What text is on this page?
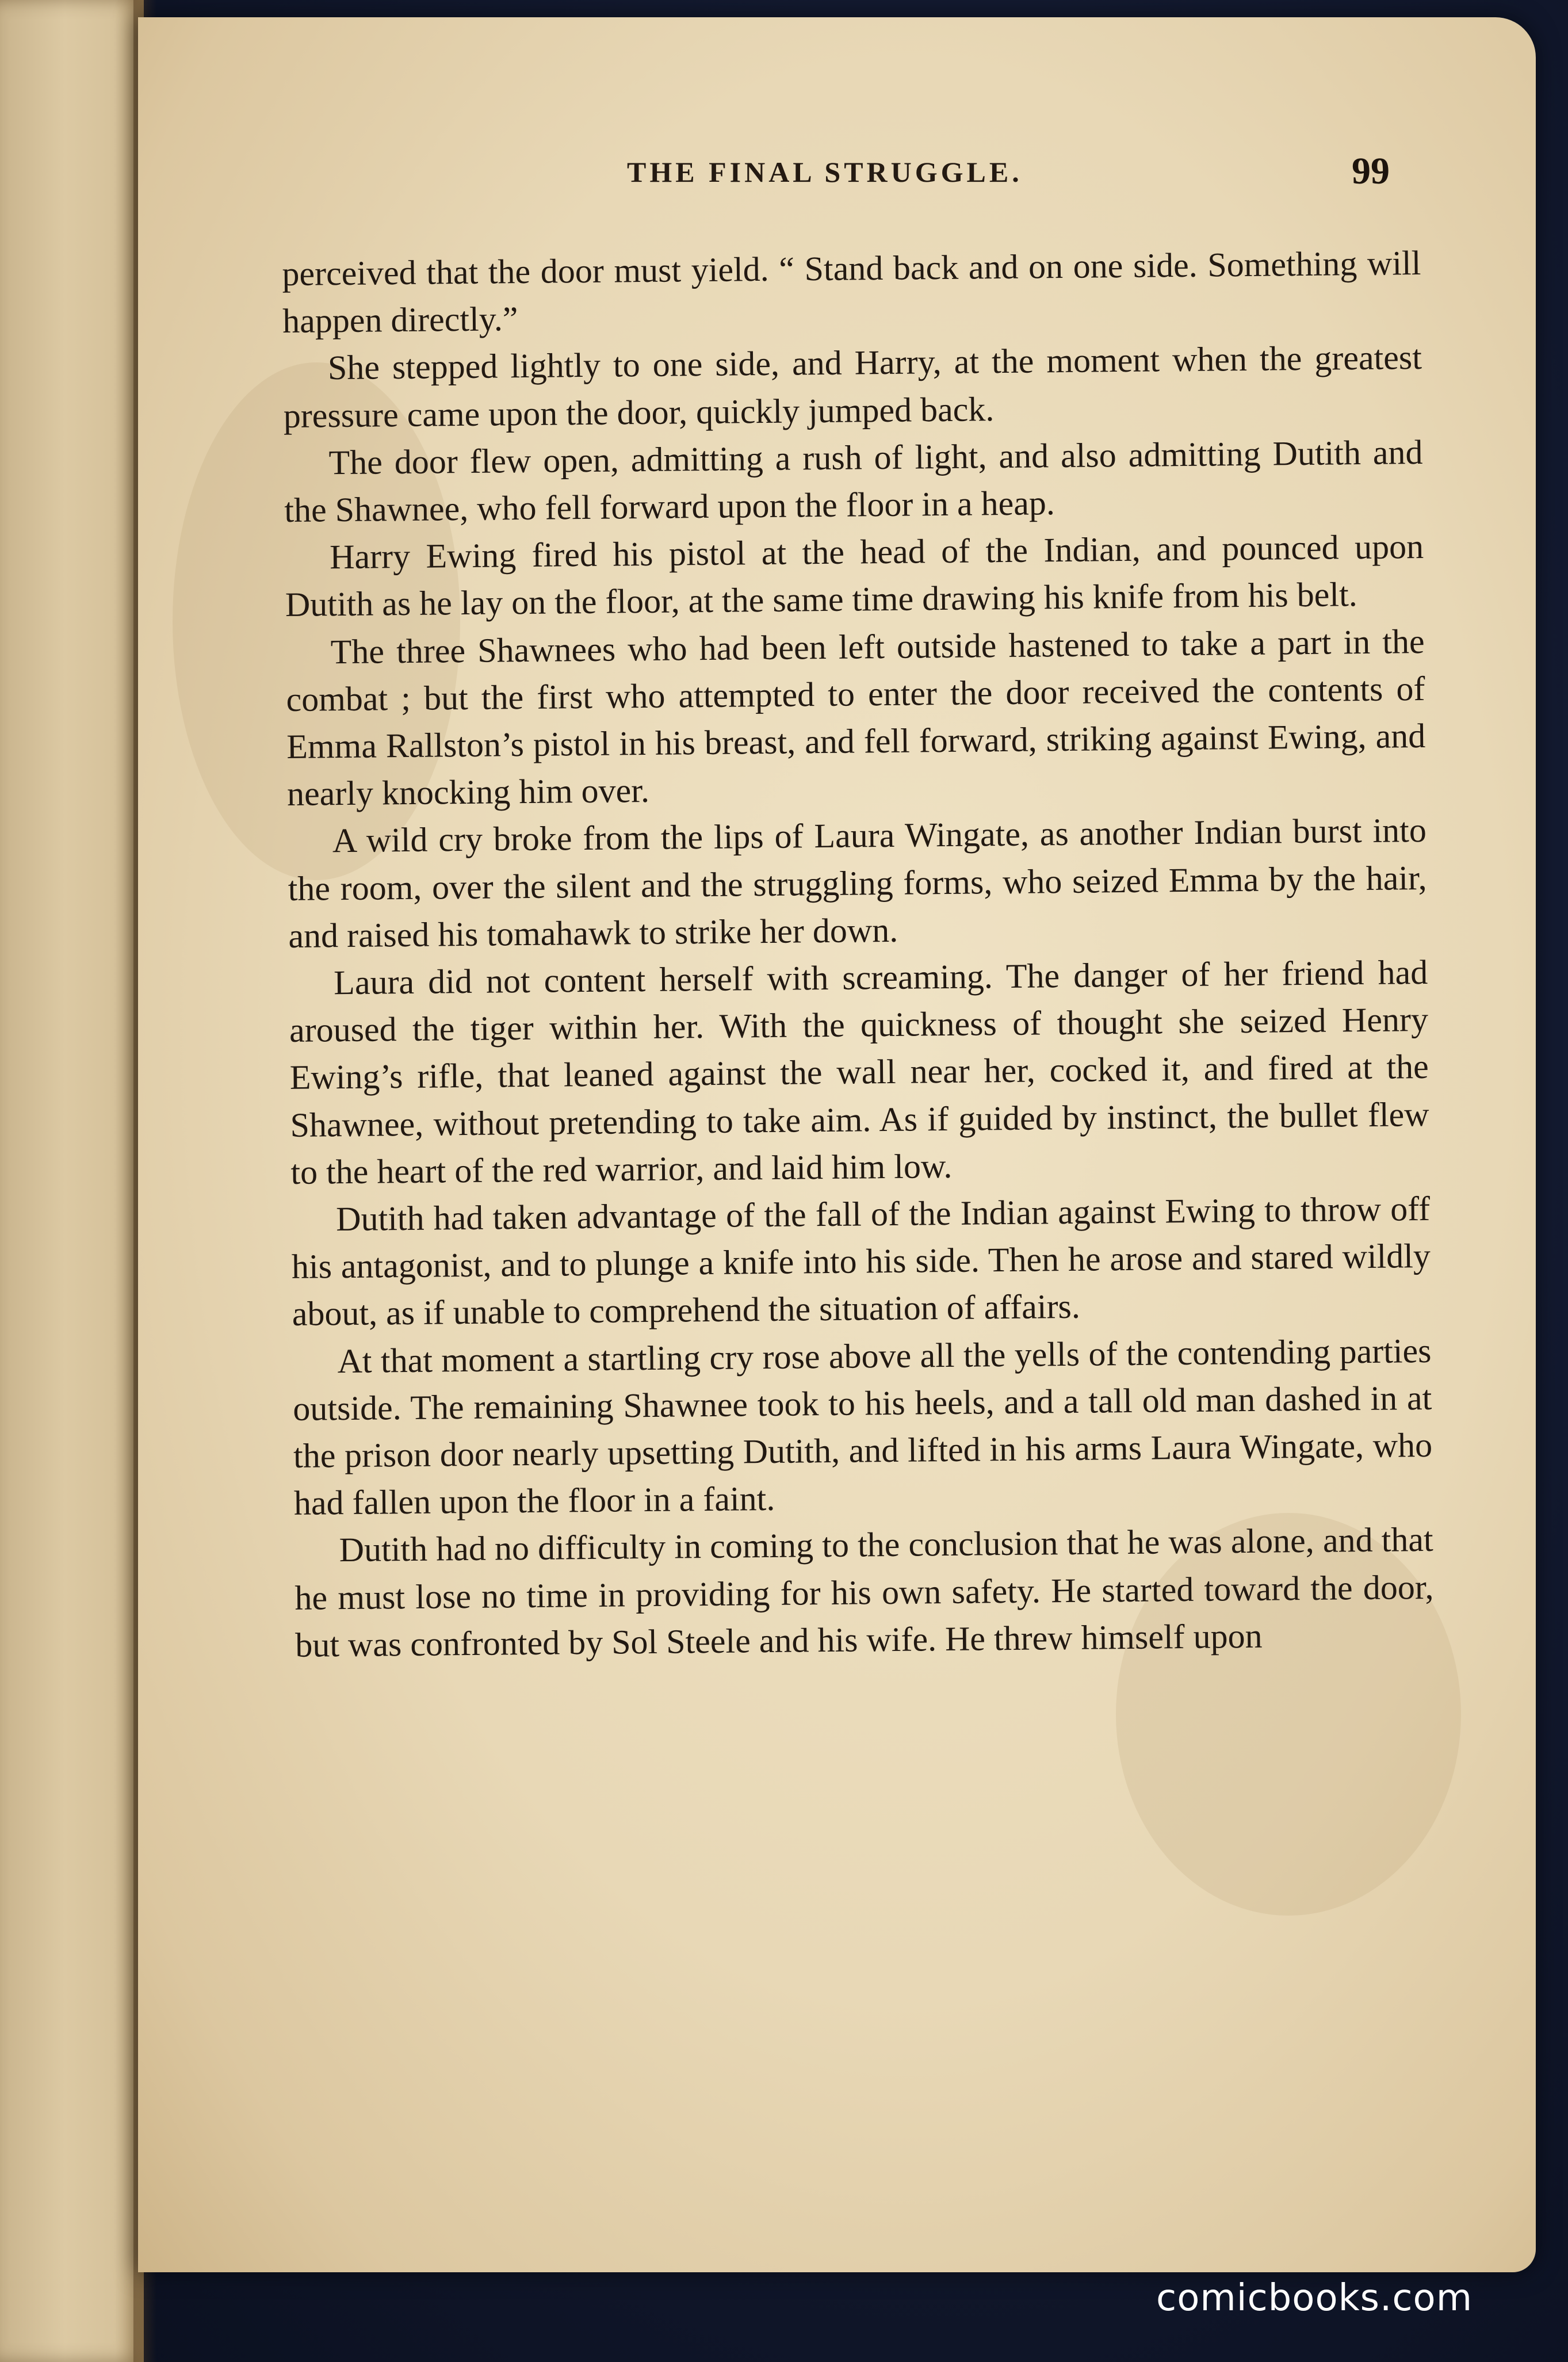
THE FINAL STRUGGLE.	99

perceived that the door must yield. “ Stand back and on one side. Something will happen directly.”

She stepped lightly to one side, and Harry, at the moment when the greatest pressure came upon the door, quickly jumped back.

The door flew open, admitting a rush of light, and also admitting Dutith and the Shawnee, who fell forward upon the floor in a heap.

Harry Ewing fired his pistol at the head of the Indian, and pounced upon Dutith as he lay on the floor, at the same time drawing his knife from his belt.

The three Shawnees who had been left outside hastened to take a part in the combat ; but the first who attempted to enter the door received the contents of Emma Rallston’s pistol in his breast, and fell forward, striking against Ewing, and nearly knocking him over.

A wild cry broke from the lips of Laura Wingate, as another Indian burst into the room, over the silent and the struggling forms, who seized Emma by the hair, and raised his tomahawk to strike her down.

Laura did not content herself with screaming. The danger of her friend had aroused the tiger within her. With the quickness of thought she seized Henry Ewing’s rifle, that leaned against the wall near her, cocked it, and fired at the Shawnee, without pretending to take aim. As if guided by instinct, the bullet flew to the heart of the red warrior, and laid him low.

Dutith had taken advantage of the fall of the Indian against Ewing to throw off his antagonist, and to plunge a knife into his side. Then he arose and stared wildly about, as if unable to comprehend the situation of affairs.

At that moment a startling cry rose above all the yells of the contending parties outside. The remaining Shawnee took to his heels, and a tall old man dashed in at the prison door nearly upsetting Dutith, and lifted in his arms Laura Wingate, who had fallen upon the floor in a faint.

Dutith had no difficulty in coming to the conclusion that he was alone, and that he must lose no time in providing for his own safety. He started toward the door, but was confronted by Sol Steele and his wife. He threw himself upon

comicbooks.com
